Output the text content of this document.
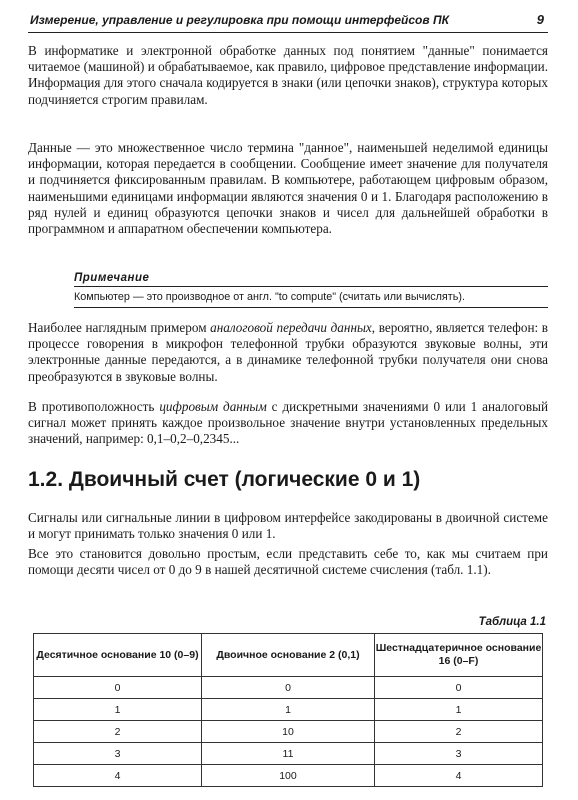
Измерение, управление и регулировка при помощи интерфейсов ПК	9

В информатике и электронной обработке данных под понятием "данные" понимается читаемое (машиной) и обрабатываемое, как правило, цифровое представление информации. Информация для этого сначала кодируется в знаки (или цепочки знаков), структура которых подчиняется строгим правилам.

Данные — это множественное число термина "данное", наименьшей неделимой единицы информации, которая передается в сообщении. Сообщение имеет значение для получателя и подчиняется фиксированным правилам. В компьютере, работающем цифровым образом, наименьшими единицами информации являются значения 0 и 1. Благодаря расположению в ряд нулей и единиц образуются цепочки знаков и чисел для дальнейшей обработки в программном и аппаратном обеспечении компьютера.

Примечание
Компьютер — это производное от англ. "to compute" (считать или вычислять).

Наиболее наглядным примером аналоговой передачи данных, вероятно, является телефон: в процессе говорения в микрофон телефонной трубки образуются звуковые волны, эти электронные данные передаются, а в динамике телефонной трубки получателя они снова преобразуются в звуковые волны.

В противоположность цифровым данным с дискретными значениями 0 или 1 аналоговый сигнал может принять каждое произвольное значение внутри установленных предельных значений, например: 0,1–0,2–0,2345...

1.2. Двоичный счет (логические 0 и 1)

Сигналы или сигнальные линии в цифровом интерфейсе закодированы в двоичной системе и могут принимать только значения 0 или 1.

Все это становится довольно простым, если представить себе то, как мы считаем при помощи десяти чисел от 0 до 9 в нашей десятичной системе счисления (табл. 1.1).

Таблица 1.1
Десятичное основание 10 (0–9)	Двоичное основание 2 (0,1)	Шестнадцатеричное основание 16 (0–F)
0	0	0
1	1	1
2	10	2
3	11	3
4	100	4
